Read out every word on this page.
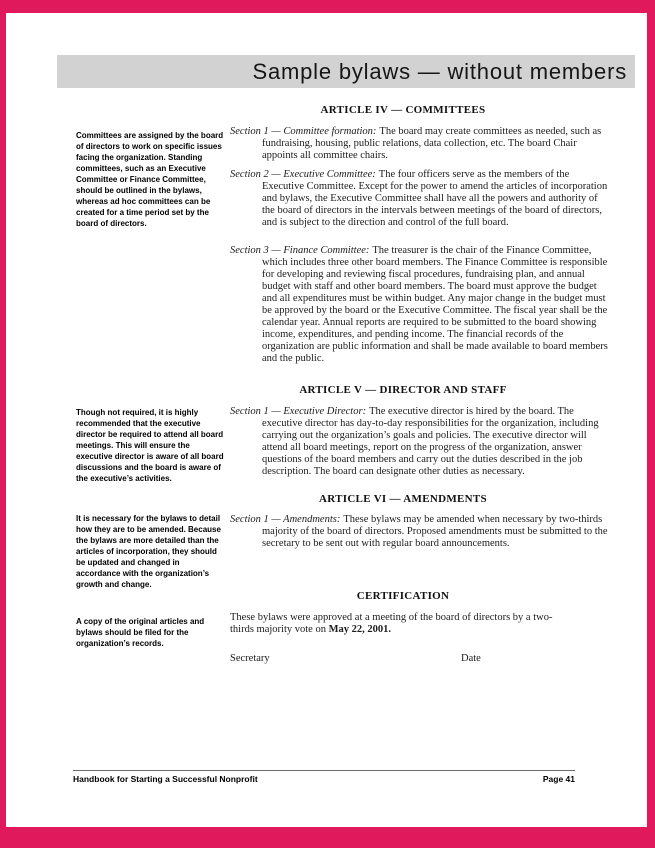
Sample bylaws — without members
Committees are assigned by the board of directors to work on specific issues facing the organization. Standing committees, such as an Executive Committee or Finance Committee, should be outlined in the bylaws, whereas ad hoc committees can be created for a time period set by the board of directors.
Though not required, it is highly recommended that the executive director be required to attend all board meetings. This will ensure the executive director is aware of all board discussions and the board is aware of the executive’s activities.
It is necessary for the bylaws to detail how they are to be amended. Because the bylaws are more detailed than the articles of incorporation, they should be updated and changed in accordance with the organization’s growth and change.
A copy of the original articles and bylaws should be filed for the organization’s records.
ARTICLE IV — COMMITTEES

Section 1 — Committee formation: The board may create committees as needed, such as fundraising, housing, public relations, data collection, etc. The board Chair appoints all committee chairs.

Section 2 — Executive Committee: The four officers serve as the members of the Executive Committee. Except for the power to amend the articles of incorporation and bylaws, the Executive Committee shall have all the powers and authority of the board of directors in the intervals between meetings of the board of directors, and is subject to the direction and control of the full board.

Section 3 — Finance Committee: The treasurer is the chair of the Finance Committee, which includes three other board members. The Finance Committee is responsible for developing and reviewing fiscal procedures, fundraising plan, and annual budget with staff and other board members. The board must approve the budget and all expenditures must be within budget. Any major change in the budget must be approved by the board or the Executive Committee. The fiscal year shall be the calendar year. Annual reports are required to be submitted to the board showing income, expenditures, and pending income. The financial records of the organization are public information and shall be made available to board members and the public.

ARTICLE V — DIRECTOR AND STAFF

Section 1 — Executive Director: The executive director is hired by the board. The executive director has day-to-day responsibilities for the organization, including carrying out the organization’s goals and policies. The executive director will attend all board meetings, report on the progress of the organization, answer questions of the board members and carry out the duties described in the job description. The board can designate other duties as necessary.

ARTICLE VI — AMENDMENTS

Section 1 — Amendments: These bylaws may be amended when necessary by two-thirds majority of the board of directors. Proposed amendments must be submitted to the secretary to be sent out with regular board announcements.

CERTIFICATION

These bylaws were approved at a meeting of the board of directors by a two-thirds majority vote on May 22, 2001.

Secretary	Date
Handbook for Starting a Successful Nonprofit	Page 41
